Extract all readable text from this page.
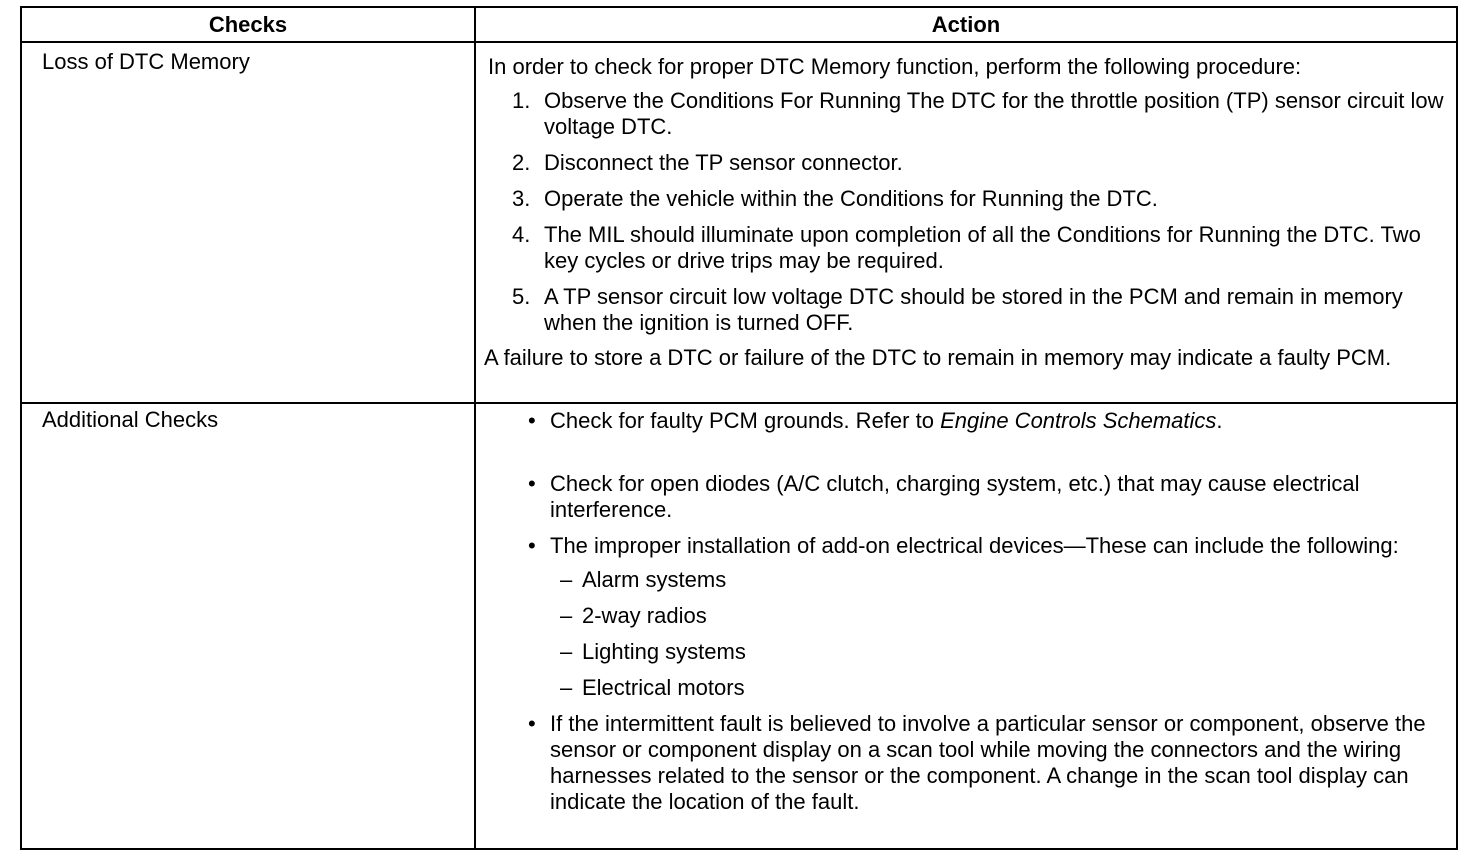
Checks	Action
Loss of DTC Memory	In order to check for proper DTC Memory function, perform the following procedure:
1. Observe the Conditions For Running The DTC for the throttle position (TP) sensor circuit low voltage DTC.
2. Disconnect the TP sensor connector.
3. Operate the vehicle within the Conditions for Running the DTC.
4. The MIL should illuminate upon completion of all the Conditions for Running the DTC. Two key cycles or drive trips may be required.
5. A TP sensor circuit low voltage DTC should be stored in the PCM and remain in memory when the ignition is turned OFF.
A failure to store a DTC or failure of the DTC to remain in memory may indicate a faulty PCM.
Additional Checks	• Check for faulty PCM grounds. Refer to Engine Controls Schematics.
• Check for open diodes (A/C clutch, charging system, etc.) that may cause electrical interference.
• The improper installation of add-on electrical devices—These can include the following:
– Alarm systems
– 2-way radios
– Lighting systems
– Electrical motors
• If the intermittent fault is believed to involve a particular sensor or component, observe the sensor or component display on a scan tool while moving the connectors and the wiring harnesses related to the sensor or the component. A change in the scan tool display can indicate the location of the fault.
